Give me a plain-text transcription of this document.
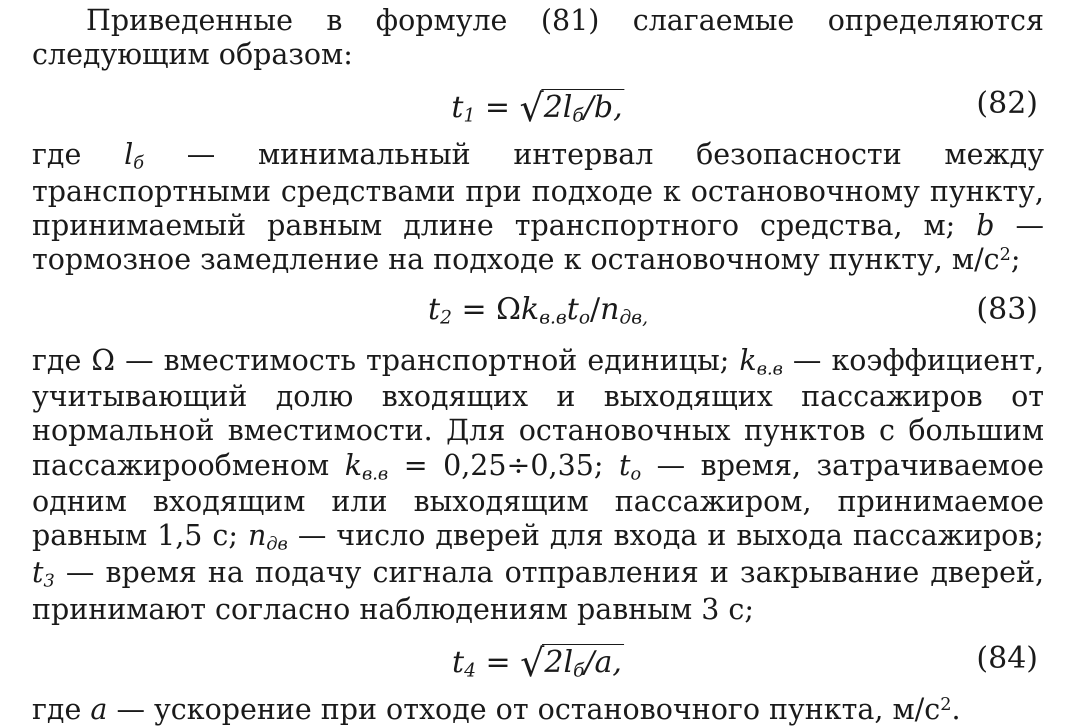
Приведенные в формуле (81) слагаемые определяются следующим образом:

$t_1 = √2l_б/b$,	(82)

где $l_б$ — минимальный интервал безопасности между транспортными средствами при подходе к остановочному пункту, принимаемый равным длине транспортного средства, м; b — тормозное замедление на подходе к остановочному пункту, $м/с^2$;

$t_2 = \Omega k_{в.в}t_o/n_{дв,}$	(83)

где Ω — вместимость транспортной единицы; $k_{в.в}$ — коэффициент, учитывающий долю входящих и выходящих пассажиров от нормальной вместимости. Для остановочных пунктов с большим пассажирообменом $k_{в.в} = 0,25\div 0,35$; $t_o$ — время, затрачиваемое одним входящим или выходящим пассажиром, принимаемое равным 1,5 с; $n_{дв}$ — число дверей для входа и выхода пассажиров; $t_3$ — время на подачу сигнала отправления и закрывание дверей, принимают согласно наблюдениям равным 3 с;

$t_4 = √2l_б/a$,	(84)

где a — ускорение при отходе от остановочного пункта, $м/с^2$.
